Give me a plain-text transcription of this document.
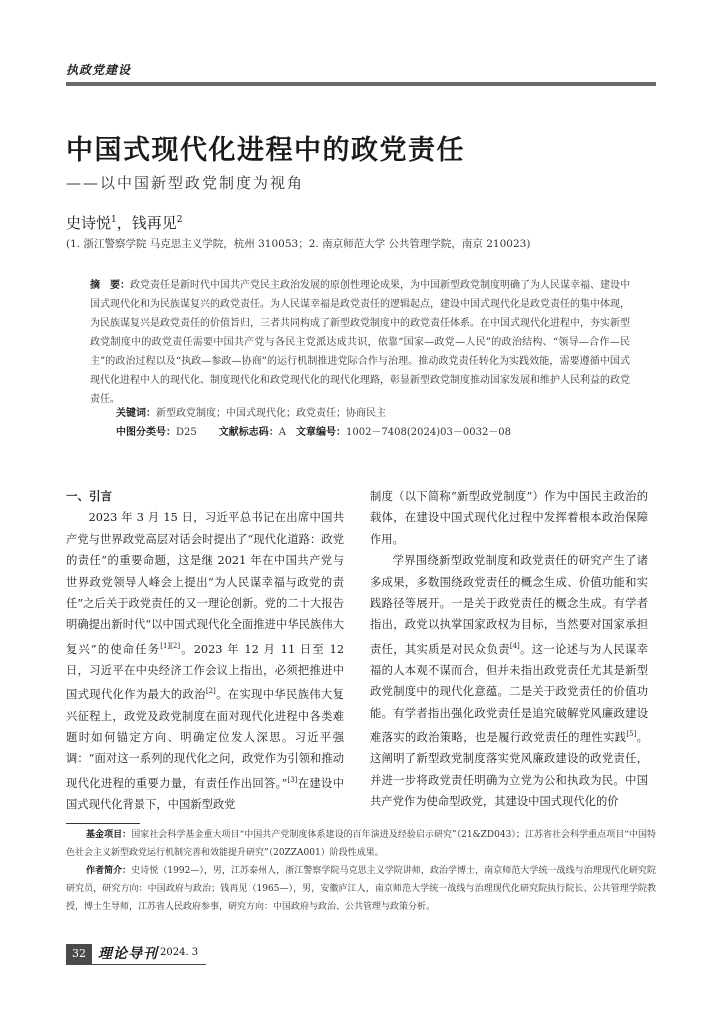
执政党建设
中国式现代化进程中的政党责任
——以中国新型政党制度为视角
史诗悦$^1$，钱再见$^2$
(1. 浙江警察学院 马克思主义学院，杭州 310053；2. 南京师范大学 公共管理学院，南京 210023)
摘　要：政党责任是新时代中国共产党民主政治发展的原创性理论成果，为中国新型政党制度明确了为人民谋幸福、建设中国式现代化和为民族谋复兴的政党责任。为人民谋幸福是政党责任的逻辑起点，建设中国式现代化是政党责任的集中体现，为民族谋复兴是政党责任的价值旨归，三者共同构成了新型政党制度中的政党责任体系。在中国式现代化进程中，夯实新型政党制度中的政党责任需要中国共产党与各民主党派达成共识，依靠“国家—政党—人民”的政治结构、“领导—合作—民主”的政治过程以及“执政—参政—协商”的运行机制推进党际合作与治理。推动政党责任转化为实践效能，需要遵循中国式现代化进程中人的现代化、制度现代化和政党现代化的现代化理路，彰显新型政党制度推动国家发展和维护人民利益的政党责任。
关键词：新型政党制度；中国式现代化；政党责任；协商民主
中图分类号：D25 文献标志码：A 文章编号：1002－7408(2024)03－0032－08
一、引言

2023 年 3 月 15 日，习近平总书记在出席中国共产党与世界政党高层对话会时提出了“现代化道路：政党的责任”的重要命题，这是继 2021 年在中国共产党与世界政党领导人峰会上提出“为人民谋幸福与政党的责任”之后关于政党责任的又一理论创新。党的二十大报告明确提出新时代“以中国式现代化全面推进中华民族伟大复兴”的使命任务[1][2]。2023 年 12 月 11 日至 12 日，习近平在中央经济工作会议上指出，必须把推进中国式现代化作为最大的政治[2]。在实现中华民族伟大复兴征程上，政党及政党制度在面对现代化进程中各类难题时如何锚定方向、明确定位发人深思。习近平强调：“面对这一系列的现代化之问，政党作为引领和推动现代化进程的重要力量，有责任作出回答。”[3]在建设中国式现代化背景下，中国新型政党

制度（以下简称“新型政党制度”）作为中国民主政治的载体，在建设中国式现代化过程中发挥着根本政治保障作用。

学界围绕新型政党制度和政党责任的研究产生了诸多成果，多数围绕政党责任的概念生成、价值功能和实践路径等展开。一是关于政党责任的概念生成。有学者指出，政党以执掌国家政权为目标，当然要对国家承担责任，其实质是对民众负责[4]。这一论述与为人民谋幸福的人本观不谋而合，但并未指出政党责任尤其是新型政党制度中的现代化意蕴。二是关于政党责任的价值功能。有学者指出强化政党责任是追究破解党风廉政建设难落实的政治策略，也是履行政党责任的理性实践[5]。这阐明了新型政党制度落实党风廉政建设的政党责任，并进一步将政党责任明确为立党为公和执政为民。中国共产党作为使命型政党，其建设中国式现代化的价

基金项目：国家社会科学基金重大项目“中国共产党制度体系建设的百年演进及经验启示研究”（21&ZD043）；江苏省社会科学重点项目“中国特色社会主义新型政党运行机制完善和效能提升研究”（20ZZA001）阶段性成果。
作者简介：史诗悦（1992—），男，江苏泰州人，浙江警察学院马克思主义学院讲师，政治学博士，南京师范大学统一战线与治理现代化研究院研究员，研究方向：中国政府与政治；钱再见（1965—），男，安徽庐江人，南京师范大学统一战线与治理现代化研究院执行院长、公共管理学院教授，博士生导师，江苏省人民政府参事，研究方向：中国政府与政治、公共管理与政策分析。
32 理论导刊 2024. 3
